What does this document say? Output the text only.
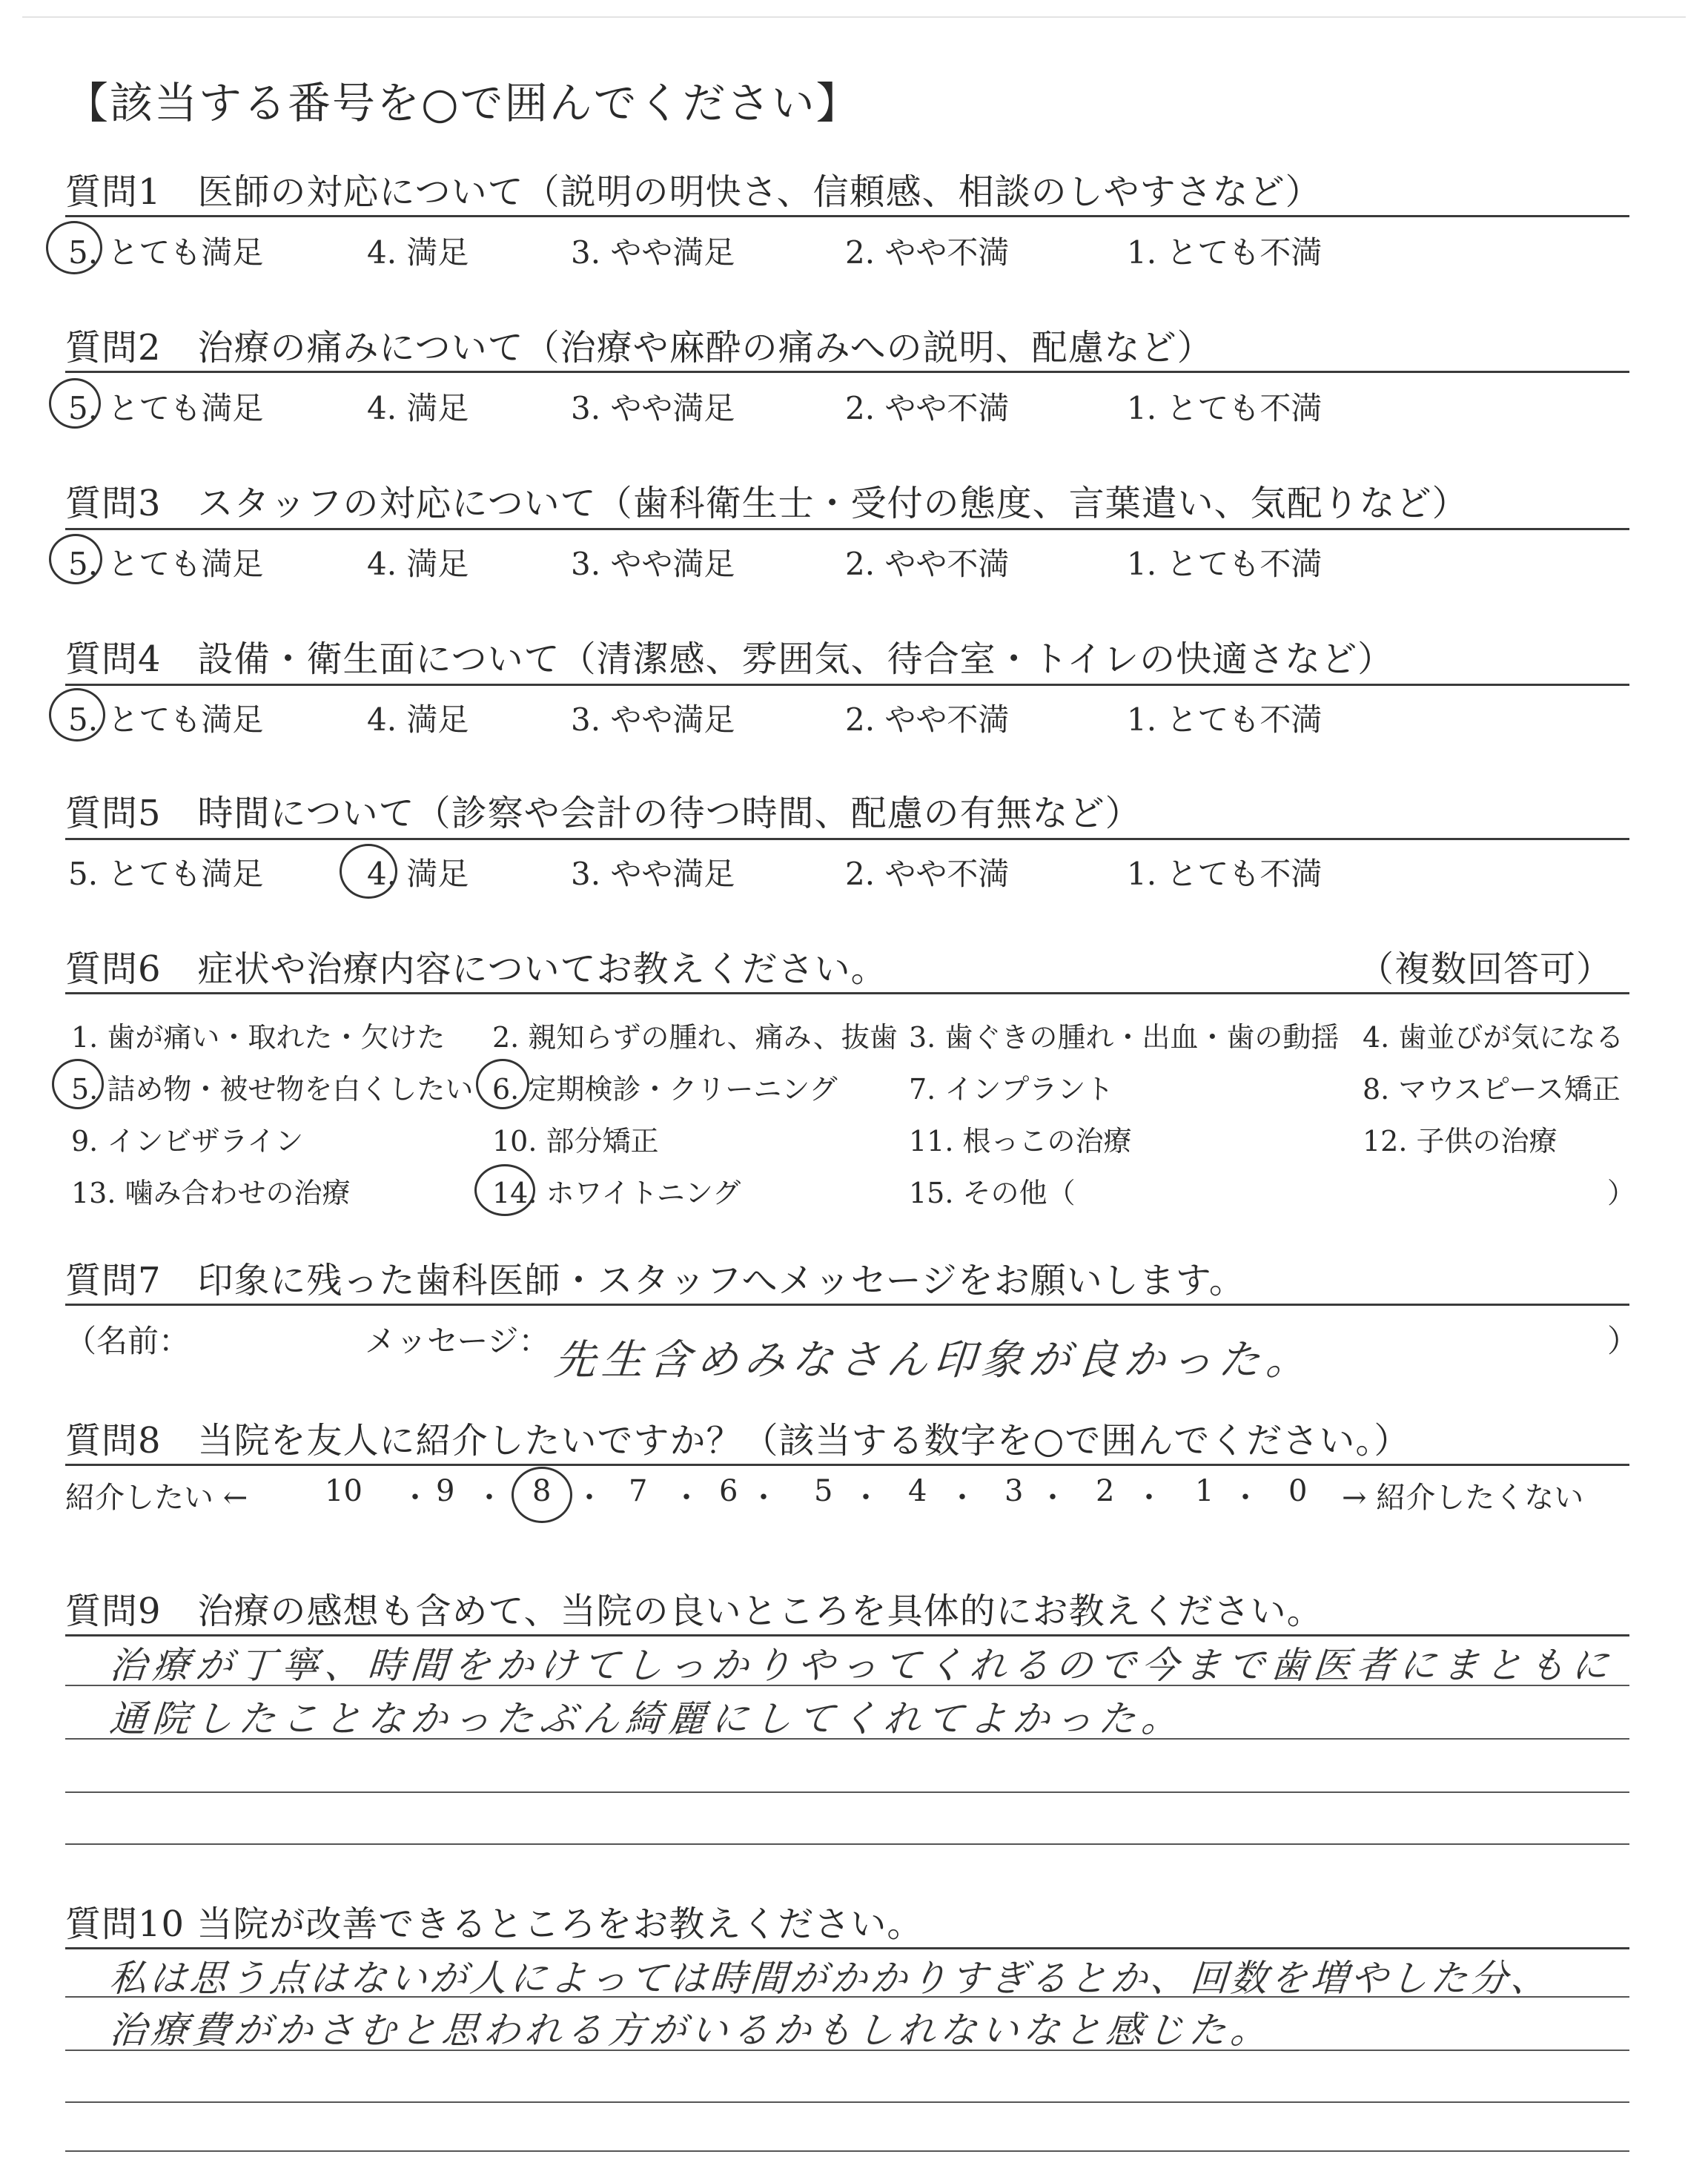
【該当する番号を○で囲んでください】
質問1　医師の対応について（説明の明快さ、信頼感、相談のしやすさなど）
質問2　治療の痛みについて（治療や麻酔の痛みへの説明、配慮など）
質問3　スタッフの対応について（歯科衛生士・受付の態度、言葉遣い、気配りなど）
質問4　設備・衛生面について（清潔感、雰囲気、待合室・トイレの快適さなど）
質問5　時間について（診察や会計の待つ時間、配慮の有無など）
5. とても満足	4. 満足	3. やや満足	2. やや不満	1. とても不満
5. とても満足	4. 満足	3. やや満足	2. やや不満	1. とても不満
5. とても満足	4. 満足	3. やや満足	2. やや不満	1. とても不満
5. とても満足	4. 満足	3. やや満足	2. やや不満	1. とても不満
5. とても満足	4. 満足	3. やや満足	2. やや不満	1. とても不満
質問6　症状や治療内容についてお教えください。	（複数回答可）
1. 歯が痛い・取れた・欠けた 2. 親知らずの腫れ、痛み、抜歯 3. 歯ぐきの腫れ・出血・歯の動揺 4. 歯並びが気になる
5. 詰め物・被せ物を白くしたい 6. 定期検診・クリーニング	7. インプラント	8. マウスピース矯正
9. インビザライン	10. 部分矯正	11. 根っこの治療	12. 子供の治療
13. 噛み合わせの治療	14. ホワイトニング	15. その他（	）
質問7　印象に残った歯科医師・スタッフへメッセージをお願いします。
（名前：	メッセージ： 先生含めみなさん印象が良かった。	）
質問8　当院を友人に紹介したいですか？（該当する数字を○で囲んでください。）
紹介したい ←	→ 紹介したくない
10 ・ 9 ・ 8 ・ 7 ・ 6 ・ 5 ・ 4 ・ 3 ・ 2 ・ 1 ・ 0
質問9　治療の感想も含めて、当院の良いところを具体的にお教えください。
治療が丁寧、時間をかけてしっかりやってくれるので今まで歯医者にまともに
通院したことなかったぶん綺麗にしてくれてよかった。
質問10 当院が改善できるところをお教えください。
私は思う点はないが人によっては時間がかかりすぎるとか、回数を増やした分、
治療費がかさむと思われる方がいるかもしれないなと感じた。
